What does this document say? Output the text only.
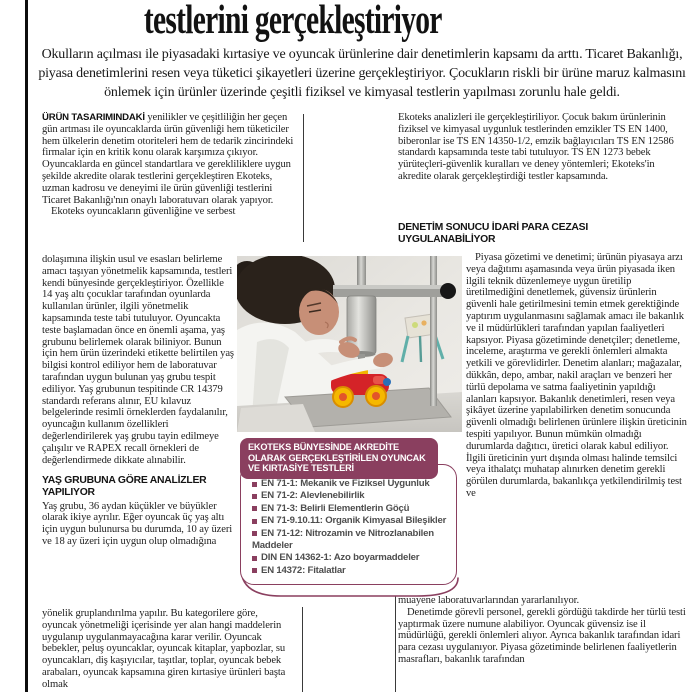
testlerini gerçekleştiriyor
Okulların açılması ile piyasadaki kırtasiye ve oyuncak ürünlerine dair denetimlerin kapsamı da arttı. Ticaret Bakanlığı, piyasa denetimlerini resen veya tüketici şikayetleri üzerine gerçekleştiriyor. Çocukların riskli bir ürüne maruz kalmasını önlemek için ürünler üzerinde çeşitli fiziksel ve kimyasal testlerin yapılması zorunlu hale geldi.

ÜRÜN TASARIMINDAKİ yenilikler ve çeşitliliğin her geçen gün artması ile oyuncaklarda ürün güvenliği hem tüketiciler hem ülkelerin denetim otoriteleri hem de tedarik zincirindeki firmalar için en kritik konu olarak karşımıza çıkıyor. Oyuncaklarda en güncel standartlara ve gerekliliklere uygun şekilde akredite olarak testlerini gerçekleştiren Ekoteks, uzman kadrosu ve deneyimi ile ürün güvenliği testlerini Ticaret Bakanlığı'nın onaylı laboratuvarı olarak yapıyor.

Ekoteks oyuncakların güvenliğine ve serbest

dolaşımına ilişkin usul ve esasları belirleme amacı taşıyan yönetmelik kapsamında, testleri kendi bünyesinde gerçekleştiriyor. Özellikle 14 yaş altı çocuklar tarafından oyunlarda kullanılan ürünler, ilgili yönetmelik kapsamında teste tabi tutuluyor. Oyuncakta teste başlamadan önce en önemli aşama, yaş grubunu belirlemek olarak biliniyor. Bunun için hem ürün üzerindeki etikette belirtilen yaş bilgisi kontrol ediliyor hem de laboratuvar tarafından uygun bulunan yaş grubu tespit ediliyor. Yaş grubunun tespitinde CR 14379 standardı referans alınır, EU kılavuz belgelerinde resimli örneklerden faydalanılır, oyuncağın kullanım özellikleri değerlendirilerek yaş grubu tayin edilmeye çalışılır ve RAPEX recall örnekleri de değerlendirmede dikkate alınabilir.

YAŞ GRUBUNA GÖRE ANALİZLER YAPILIYOR

Yaş grubu, 36 aydan küçükler ve büyükler olarak ikiye ayrılır. Eğer oyuncak üç yaş altı için uygun bulunursa bu durumda, 10 ay üzeri ve 18 ay üzeri için uygun olup olmadığına

yönelik gruplandırılma yapılır. Bu kategorilere göre, oyuncak yönetmeliği içerisinde yer alan hangi maddelerin uygulanıp uygulanmayacağına karar verilir. Oyuncak bebekler, peluş oyuncaklar, oyuncak kitaplar, yapbozlar, su oyuncakları, diş kaşıyıcılar, taşıtlar, toplar, oyuncak bebek arabaları, oyuncak kapsamına giren kırtasiye ürünleri başta olmak

Ekoteks analizleri ile gerçekleştiriliyor. Çocuk bakım ürünlerinin fiziksel ve kimyasal uygunluk testlerinden emzikler TS EN 1400, biberonlar ise TS EN 14350-1/2, emzik bağlayıcıları TS EN 12586 standardı kapsamında teste tabi tutuluyor. TS EN 1273 bebek yürüteçleri-güvenlik kuralları ve deney yöntemleri; Ekoteks'in akredite olarak gerçekleştirdiği testler kapsamında.

DENETİM SONUCU İDARİ PARA CEZASI UYGULANABİLİYOR

Piyasa gözetimi ve denetimi; ürünün piyasaya arzı veya dağıtımı aşamasında veya ürün piyasada iken ilgili teknik düzenlemeye uygun üretilip üretilmediğini denetlemek, güvensiz ürünlerin güvenli hale getirilmesini temin etmek gerektiğinde yaptırım uygulanmasını sağlamak amacı ile bakanlık ve il müdürlükleri tarafından yapılan faaliyetleri kapsıyor. Piyasa gözetiminde denetçiler; denetleme, inceleme, araştırma ve gerekli önlemleri almakta yetkili ve görevlidirler. Denetim alanları; mağazalar, dükkân, depo, ambar, nakil araçları ve benzeri her türlü depolama ve satma faaliyetinin yapıldığı alanları kapsıyor. Bakanlık denetimleri, resen veya şikâyet üzerine yapılabilirken denetim sonucunda güvenli olmadığı belirlenen ürünlere ilişkin üreticinin tespiti yapılıyor. Bunun mümkün olmadığı durumlarda dağıtıcı, üretici olarak kabul ediliyor. İlgili üreticinin yurt dışında olması halinde temsilci veya ithalatçı muhatap alınırken denetim gerekli görülen durumlarda, bakanlıkça yetkilendirilmiş test ve

muayene laboratuvarlarından yararlanılıyor.

Denetimde görevli personel, gerekli gördüğü takdirde her türlü testi yaptırmak üzere numune alabiliyor. Oyuncak güvensiz ise il müdürlüğü, gerekli önlemleri alıyor. Ayrıca bakanlık tarafından idari para cezası uygulanıyor. Piyasa gözetiminde belirlenen faaliyetlerin masrafları, bakanlık tarafından

EKOTEKS BÜNYESİNDE AKREDİTE OLARAK GERÇEKLEŞTİRİLEN OYUNCAK VE KIRTASİYE TESTLERİ
EN 71-1: Mekanik ve Fiziksel Uygunluk
EN 71-2: Alevlenebilirlik
EN 71-3: Belirli Elementlerin Göçü
EN 71-9.10.11: Organik Kimyasal Bileşikler
EN 71-12: Nitrozamin ve Nitrozlanabilen
Maddeler
DIN EN 14362-1: Azo boyarmaddeler
EN 14372: Fitalatlar
